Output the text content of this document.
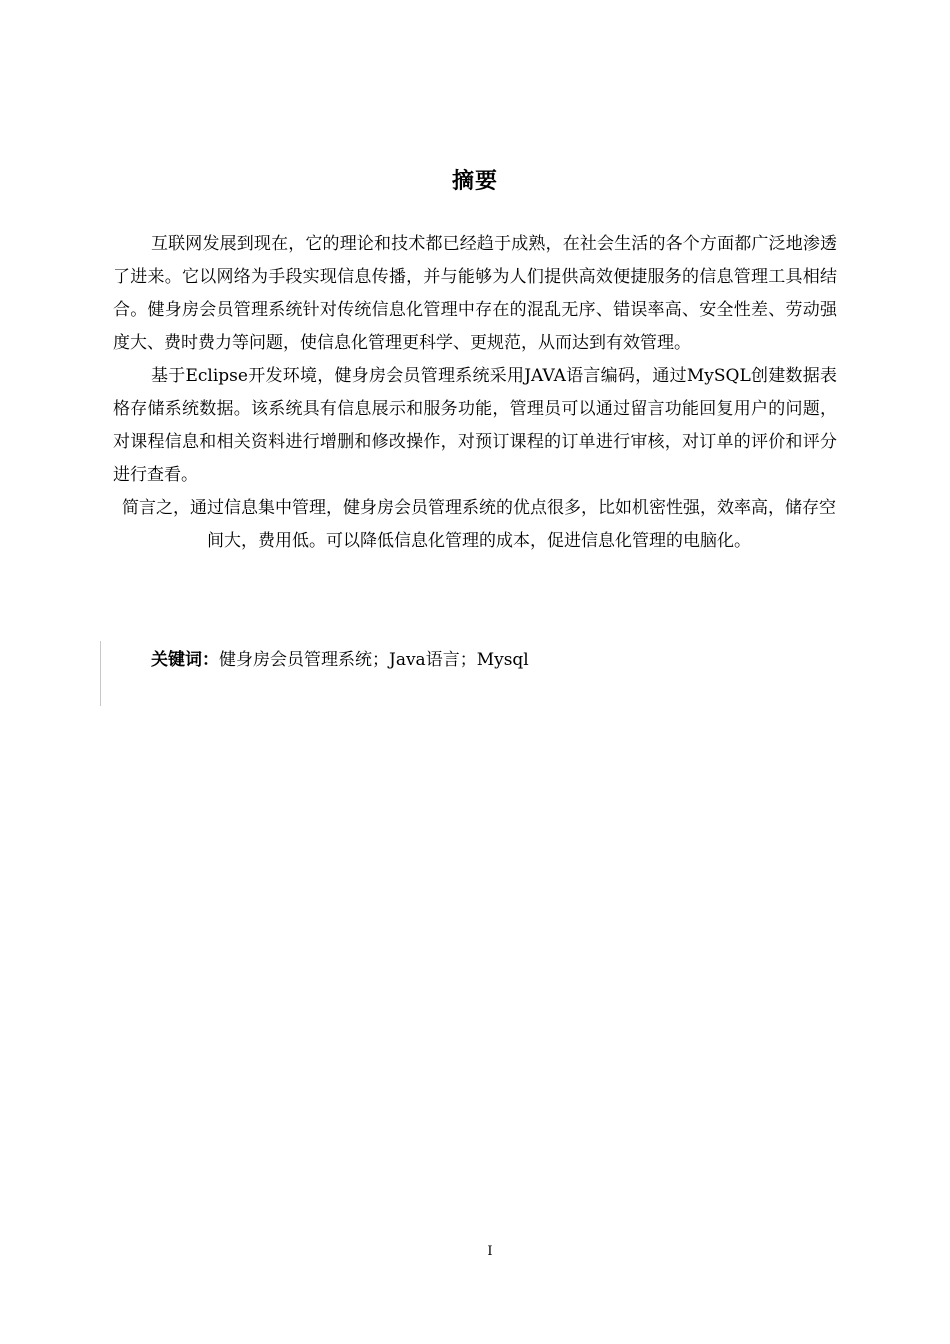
摘要

互联网发展到现在，它的理论和技术都已经趋于成熟，在社会生活的各个方面都广泛地渗透了进来。它以网络为手段实现信息传播，并与能够为人们提供高效便捷服务的信息管理工具相结合。健身房会员管理系统针对传统信息化管理中存在的混乱无序、错误率高、安全性差、劳动强度大、费时费力等问题，使信息化管理更科学、更规范，从而达到有效管理。

基于Eclipse开发环境，健身房会员管理系统采用JAVA语言编码，通过MySQL创建数据表格存储系统数据。该系统具有信息展示和服务功能，管理员可以通过留言功能回复用户的问题，对课程信息和相关资料进行增删和修改操作，对预订课程的订单进行审核，对订单的评价和评分进行查看。

简言之，通过信息集中管理，健身房会员管理系统的优点很多，比如机密性强，效率高，储存空间大，费用低。可以降低信息化管理的成本，促进信息化管理的电脑化。

关键词：健身房会员管理系统；Java语言；Mysql
I
